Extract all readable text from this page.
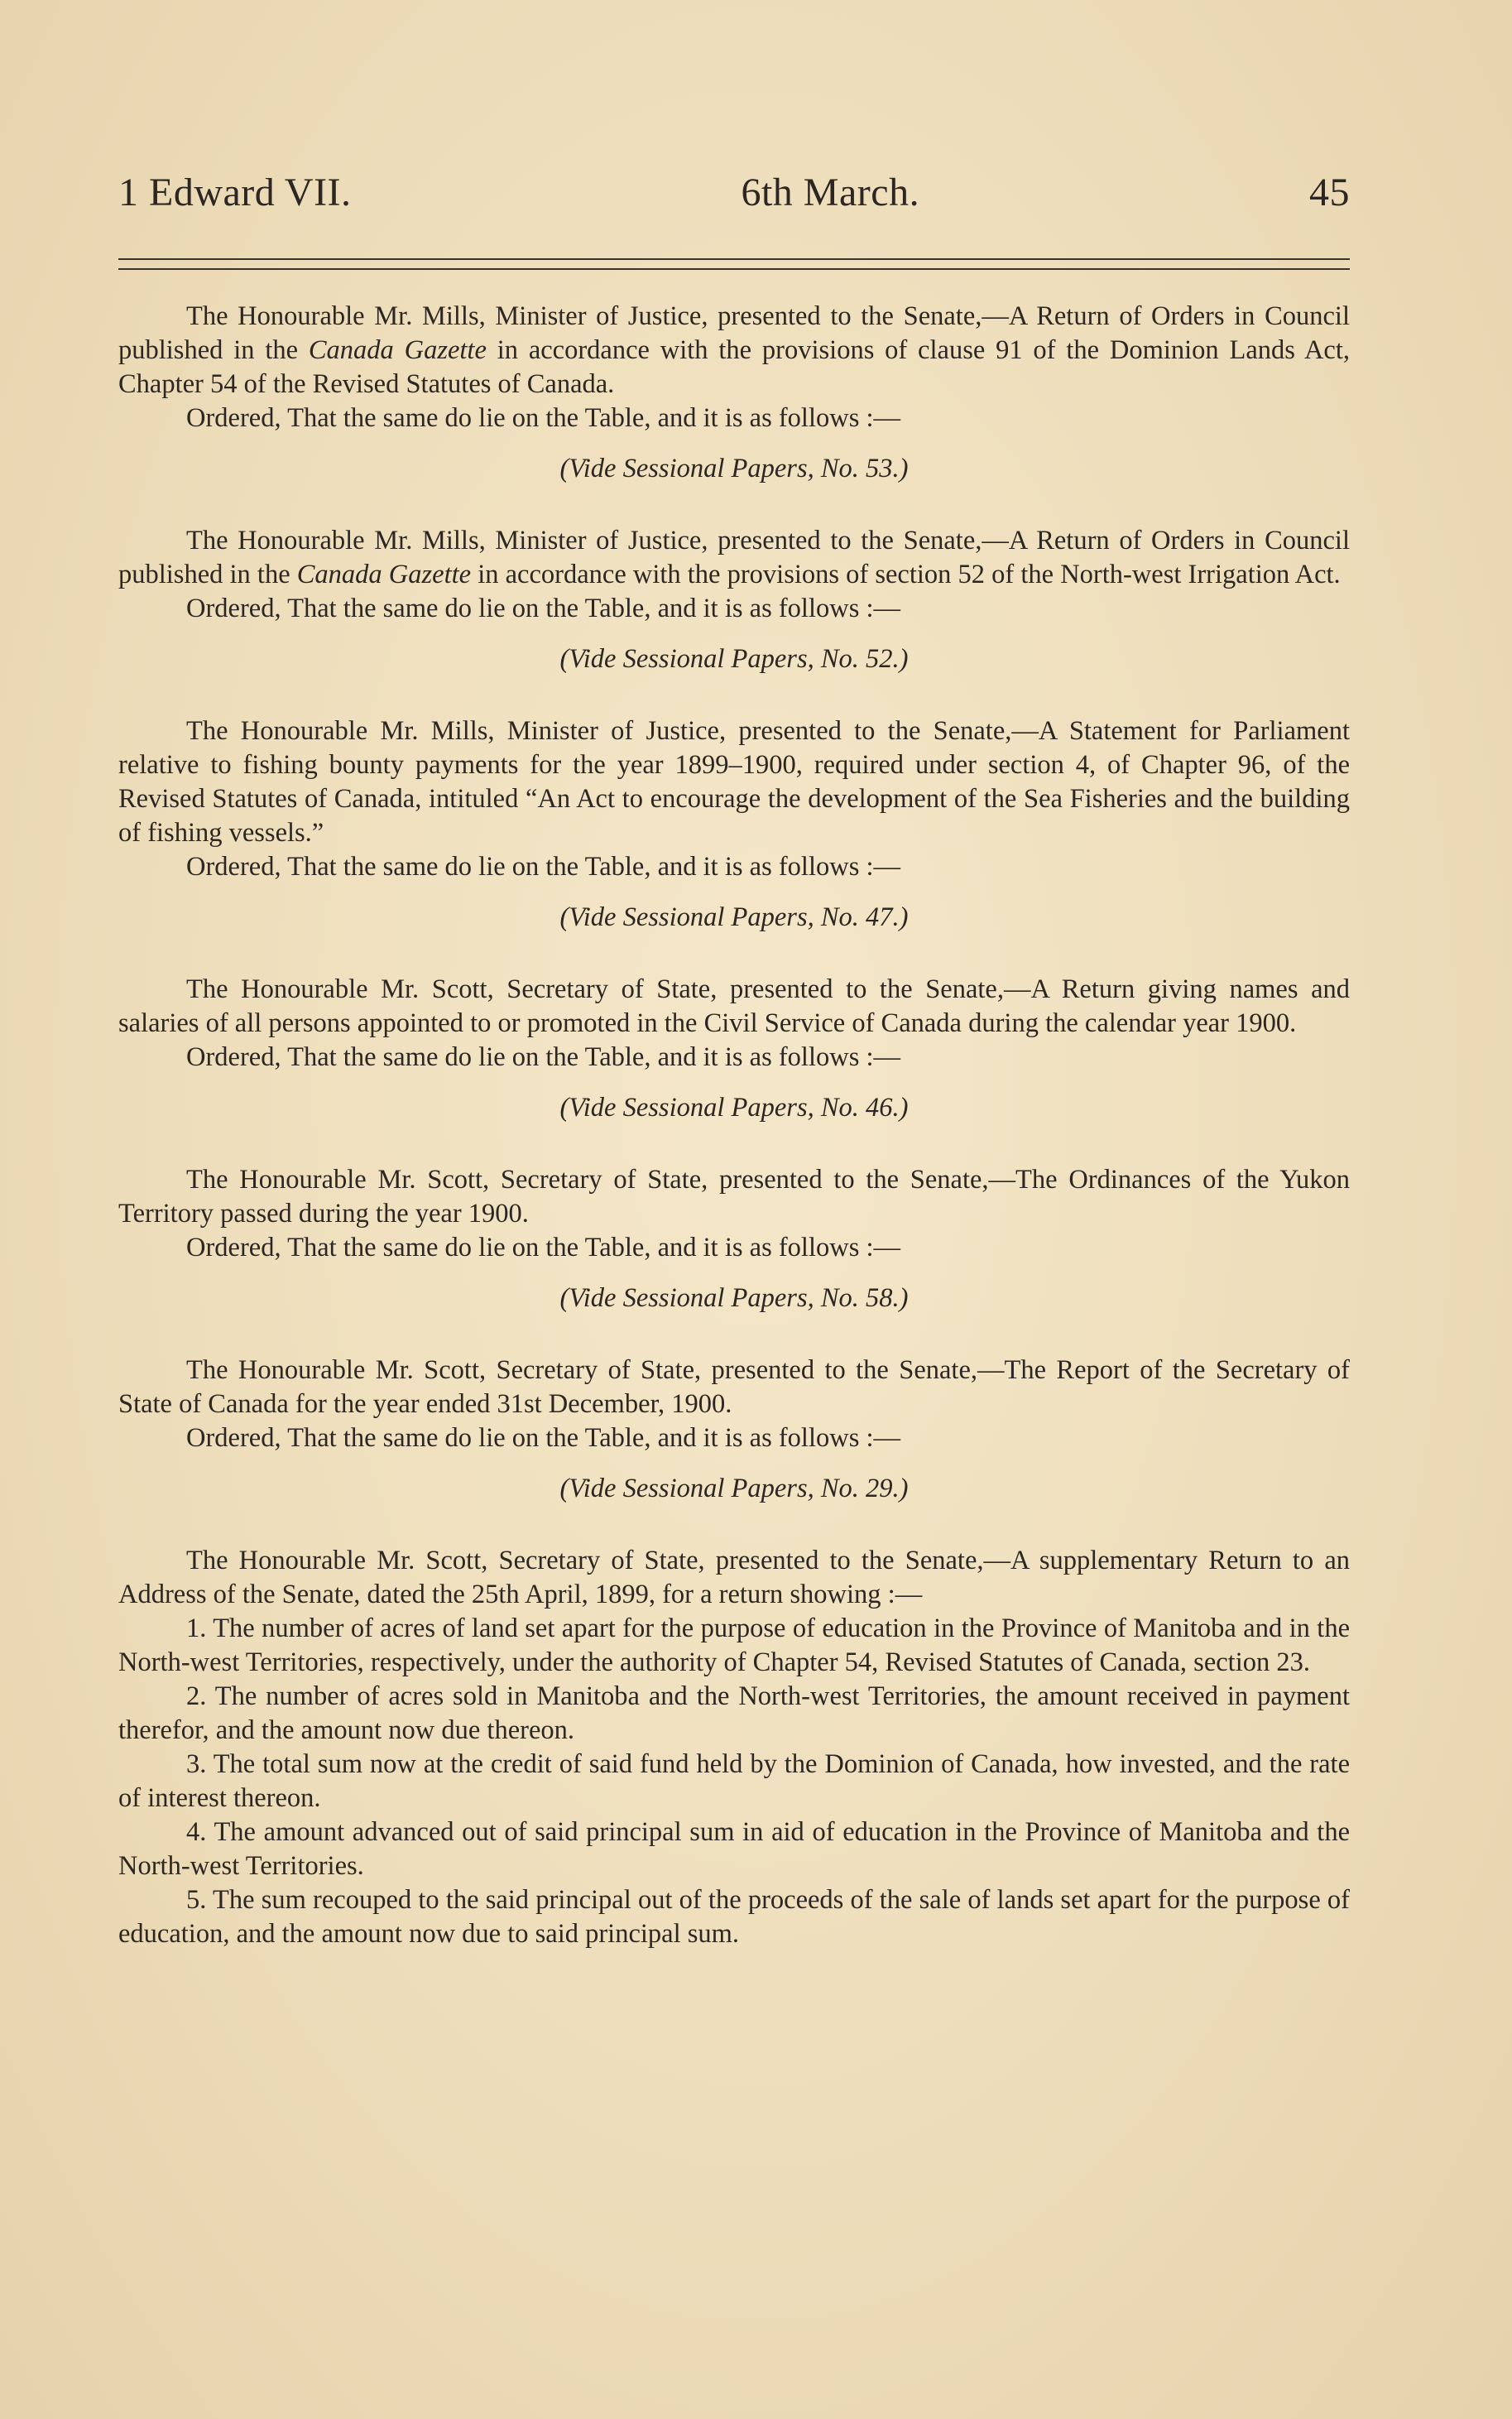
1 Edward VII.	6th March.	45

The Honourable Mr. Mills, Minister of Justice, presented to the Senate,—A Return of Orders in Council published in the Canada Gazette in accordance with the provisions of clause 91 of the Dominion Lands Act, Chapter 54 of the Revised Statutes of Canada.

Ordered, That the same do lie on the Table, and it is as follows :—

(Vide Sessional Papers, No. 53.)

The Honourable Mr. Mills, Minister of Justice, presented to the Senate,—A Return of Orders in Council published in the Canada Gazette in accordance with the provisions of section 52 of the North-west Irrigation Act.

Ordered, That the same do lie on the Table, and it is as follows :—

(Vide Sessional Papers, No. 52.)

The Honourable Mr. Mills, Minister of Justice, presented to the Senate,—A Statement for Parliament relative to fishing bounty payments for the year 1899–1900, required under section 4, of Chapter 96, of the Revised Statutes of Canada, intituled “An Act to encourage the development of the Sea Fisheries and the building of fishing vessels.”

Ordered, That the same do lie on the Table, and it is as follows :—

(Vide Sessional Papers, No. 47.)

The Honourable Mr. Scott, Secretary of State, presented to the Senate,—A Return giving names and salaries of all persons appointed to or promoted in the Civil Service of Canada during the calendar year 1900.

Ordered, That the same do lie on the Table, and it is as follows :—

(Vide Sessional Papers, No. 46.)

The Honourable Mr. Scott, Secretary of State, presented to the Senate,—The Ordinances of the Yukon Territory passed during the year 1900.

Ordered, That the same do lie on the Table, and it is as follows :—

(Vide Sessional Papers, No. 58.)

The Honourable Mr. Scott, Secretary of State, presented to the Senate,—The Report of the Secretary of State of Canada for the year ended 31st December, 1900.

Ordered, That the same do lie on the Table, and it is as follows :—

(Vide Sessional Papers, No. 29.)

The Honourable Mr. Scott, Secretary of State, presented to the Senate,—A supplementary Return to an Address of the Senate, dated the 25th April, 1899, for a return showing :—

1. The number of acres of land set apart for the purpose of education in the Province of Manitoba and in the North-west Territories, respectively, under the authority of Chapter 54, Revised Statutes of Canada, section 23.

2. The number of acres sold in Manitoba and the North-west Territories, the amount received in payment therefor, and the amount now due thereon.

3. The total sum now at the credit of said fund held by the Dominion of Canada, how invested, and the rate of interest thereon.

4. The amount advanced out of said principal sum in aid of education in the Province of Manitoba and the North-west Territories.

5. The sum recouped to the said principal out of the proceeds of the sale of lands set apart for the purpose of education, and the amount now due to said principal sum.
